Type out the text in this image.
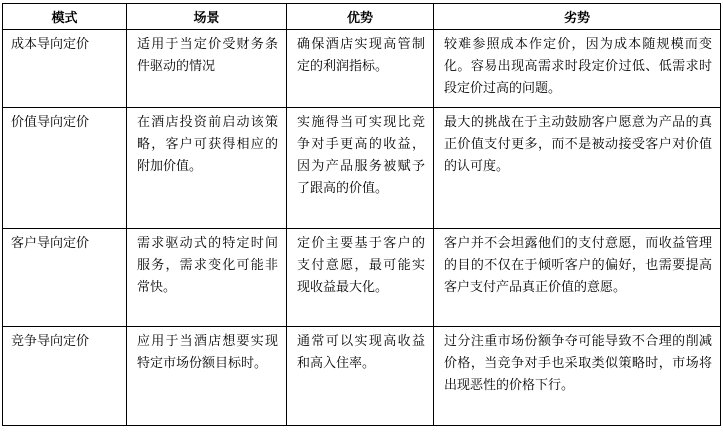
模式	场景	优势	劣势
成本导向定价	适用于当定价受财务条件驱动的情况	确保酒店实现高管制定的利润指标。	较难参照成本作定价，因为成本随规模而变化。容易出现高需求时段定价过低、低需求时段定价过高的问题。
价值导向定价	在酒店投资前启动该策略，客户可获得相应的附加价值。	实施得当可实现比竞争对手更高的收益，因为产品服务被赋予了跟高的价值。	最大的挑战在于主动鼓励客户愿意为产品的真正价值支付更多，而不是被动接受客户对价值的认可度。
客户导向定价	需求驱动式的特定时间服务，需求变化可能非常快。	定价主要基于客户的支付意愿，最可能实现收益最大化。	客户并不会坦露他们的支付意愿，而收益管理的目的不仅在于倾听客户的偏好，也需要提高客户支付产品真正价值的意愿。
竞争导向定价	应用于当酒店想要实现特定市场份额目标时。	通常可以实现高收益和高入住率。	过分注重市场份额争夺可能导致不合理的削减价格，当竞争对手也采取类似策略时，市场将出现恶性的价格下行。
